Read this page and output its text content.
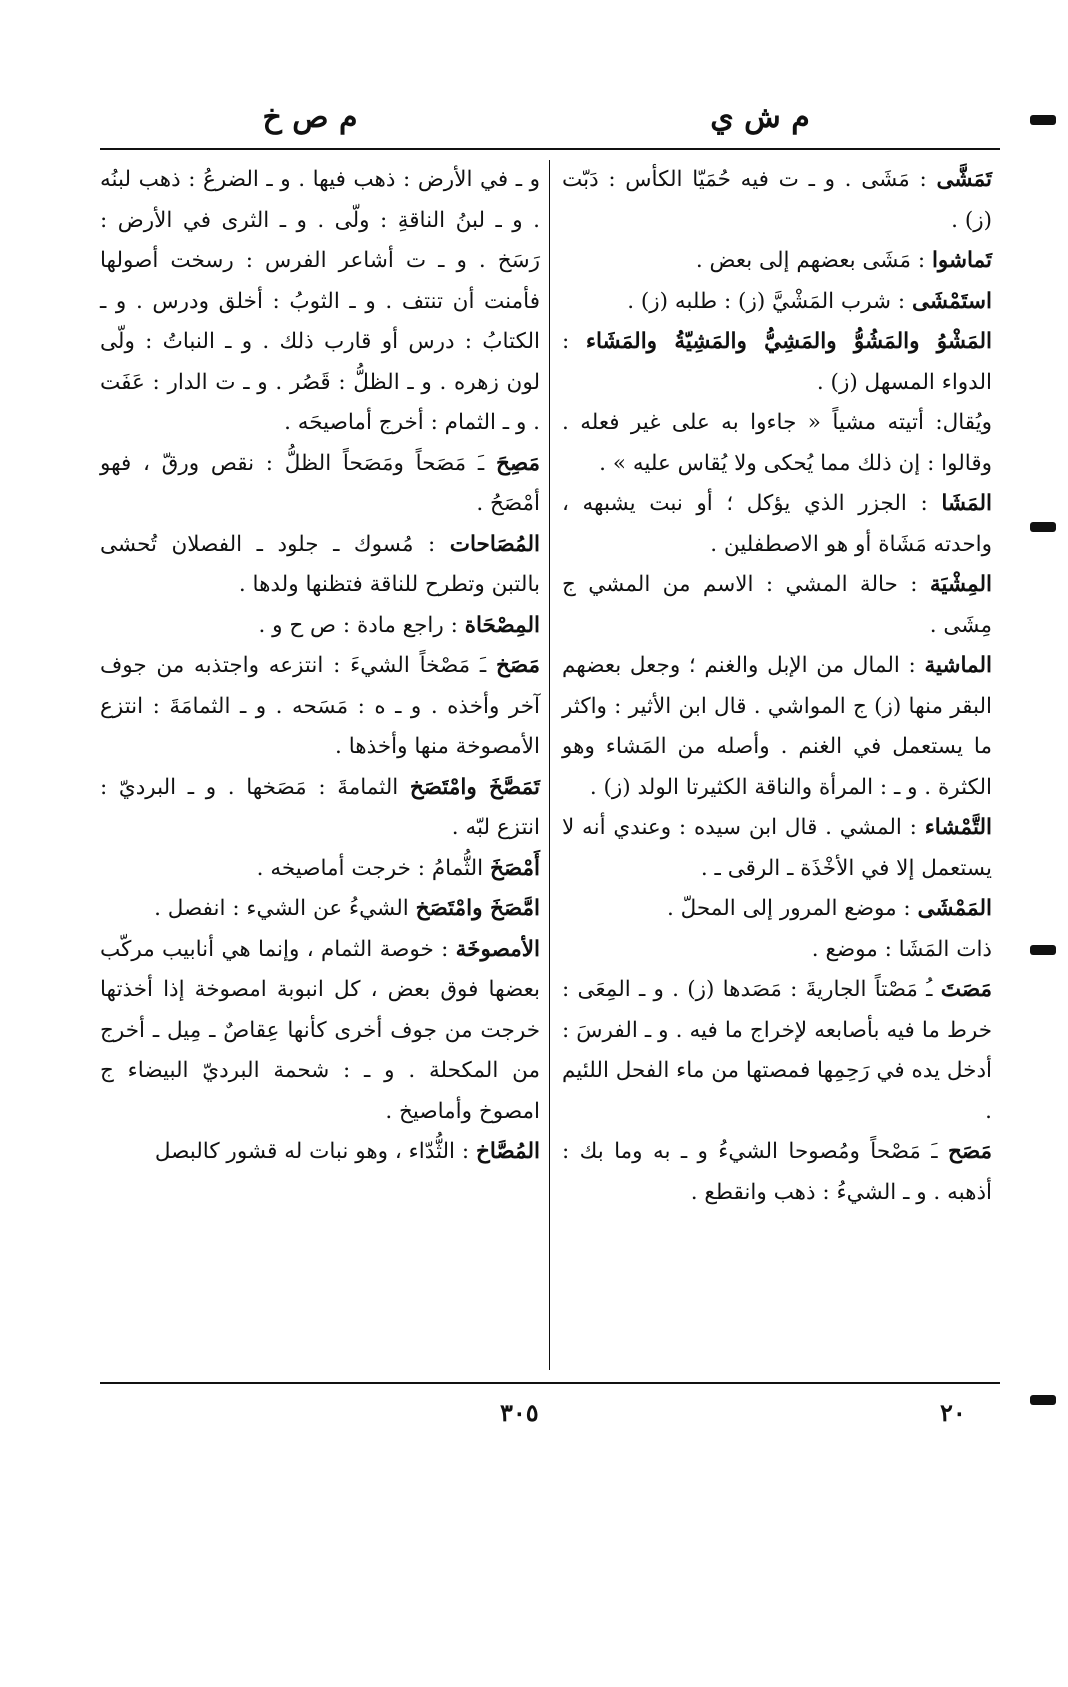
م ش ي
م ص خ

تَمَشَّى : مَشَى . و ـ ت فيه حُمَيّا الكأس : دَبّت (ز) .

تَماشوا : مَشَى بعضهم إلى بعض .

استَمْشَى : شرب المَشْيَّ (ز) : طلبه (ز) .

المَشْوُ والمَشُوُّ والمَشِيُّ والمَشِيّةُ والمَشَاء : الدواء المسهل (ز) .

ويُقال: أتيته مشياً « جاءوا به على غير فعله . وقالوا : إن ذلك مما يُحكى ولا يُقاس عليه » .

المَشَا : الجزر الذي يؤكل ؛ أو نبت يشبهه ، واحدته مَشَاة أو هو الاصطفلين .

المِشْيَة : حالة المشي : الاسم من المشي ج مِشَى .

الماشية : المال من الإبل والغنم ؛ وجعل بعضهم البقر منها (ز) ج المواشي . قال ابن الأثير : واكثر ما يستعمل في الغنم . وأصله من المَشاء وهو الكثرة . و ـ : المرأة والناقة الكثيرتا الولد (ز) .

التَّمْشاء : المشي . قال ابن سيده : وعندي أنه لا يستعمل إلا في الأخْذَة ـ الرقى ـ .

المَمْشَى : موضع المرور إلى المحلّ .

ذات المَشَا : موضع .

مَصَتَ ـُ مَصْتاً الجاريةَ : مَصَدها (ز) . و ـ المِعَى : خرط ما فيه بأصابعه لإخراج ما فيه . و ـ الفرسَ : أدخل يده في رَحِمِها فمصتها من ماء الفحل اللئيم .

مَصَح ـَ مَصْحاً ومُصوحا الشيءُ و ـ به وما بك : أذهبه . و ـ الشيءُ : ذهب وانقطع .

و ـ في الأرض : ذهب فيها . و ـ الضرعُ : ذهب لبنُه . و ـ لبنُ الناقةِ : ولّى . و ـ الثرى في الأرض : رَسَخ . و ـ ت أشاعر الفرس : رسخت أصولها فأمنت أن تنتف . و ـ الثوبُ : أخلق ودرس . و ـ الكتابُ : درس أو قارب ذلك . و ـ النباتُ : ولّى لون زهره . و ـ الظلُّ : قَصُر . و ـ ت الدار : عَفَت . و ـ الثمام : أخرج أماصيحَه .

مَصِحَ ـَ مَصَحاً ومَصَحاً الظلُّ : نقص ورقّ ، فهو أمْصَحُ .

المُصَاحات : مُسوك ـ جلود ـ الفصلان تُحشى بالتبن وتطرح للناقة فتظنها ولدها .

المِصْحَاة : راجع مادة : ص ح و .

مَصَخ ـَ مَصْخاً الشيءَ : انتزعه واجتذبه من جوف آخر وأخذه . و ـ ه : مَسَحه . و ـ الثمامَةَ : انتزع الأمصوخة منها وأخذها .

تَمَصَّخَ وامْتَصَخ الثمامةَ : مَصَخها . و ـ البرديّ : انتزع لبّه .

أَمْصَخَ الثُّمامُ : خرجت أماصيخه .

امَّصَخَ وامْتَصَخ الشيءُ عن الشيء : انفصل .

الأمصوخَة : خوصة الثمام ، وإنما هي أنابيب مركّب بعضها فوق بعض ، كل انبوبة امصوخة إذا أخذتها خرجت من جوف أخرى كأنها عِقاصٌ ـ مِيل ـ أخرج من المكحلة . و ـ : شحمة البرديّ البيضاء ج امصوخ وأماصيخ .

المُصَّاخ : الثُّدّاء ، وهو نبات له قشور كالبصل

٢٠
٣٠٥
